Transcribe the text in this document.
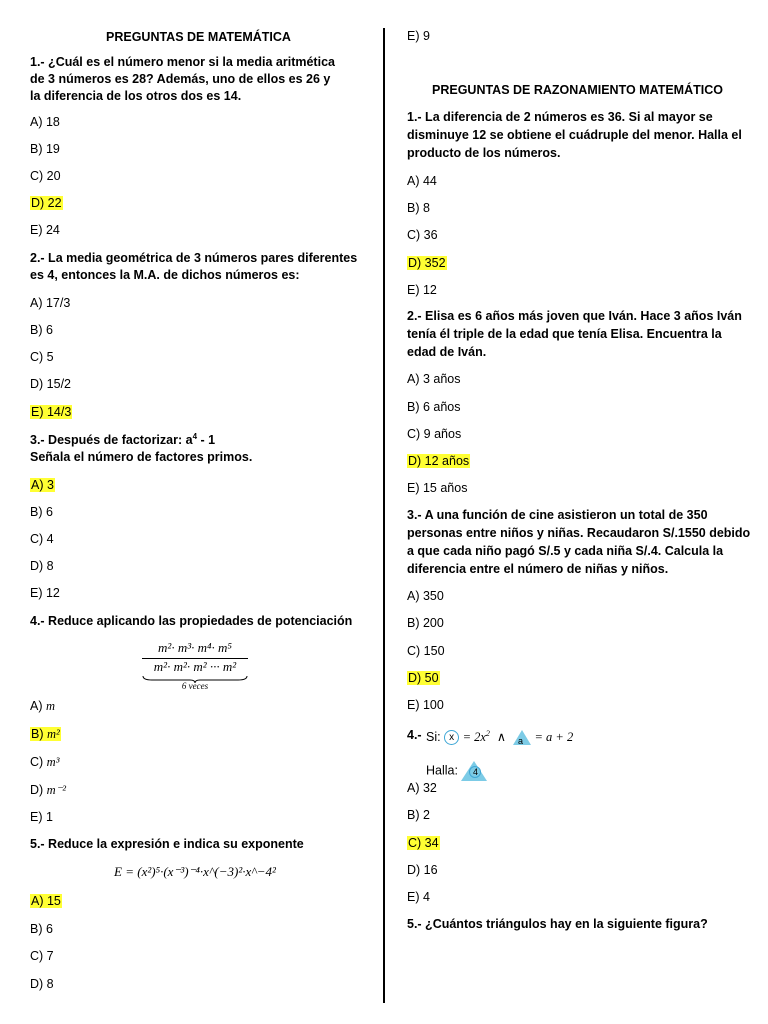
PREGUNTAS DE MATEMÁTICA
1.- ¿Cuál es el número menor si la media aritmética
de 3 números es 28? Además, uno de ellos es 26 y
la diferencia de los otros dos es 14.
A) 18
B) 19
C) 20
D) 22
E) 24
2.- La media geométrica de 3 números pares diferentes
es 4, entonces la M.A. de dichos números es:
A) 17/3
B) 6
C) 5
D) 15/2
E) 14/3
3.- Después de factorizar: $a^4 - 1$
Señala el número de factores primos.
A) 3
B) 6
C) 4
D) 8
E) 12
4.- Reduce aplicando las propiedades de potenciación
m²· m³· m⁴· m⁵
m²· m²· m² ··· m²
6 veces
A) m
B) m²
C) m³
D) m⁻²
E) 1
5.- Reduce la expresión e indica su exponente
E = (x²)⁵·(x⁻³)⁻⁴·x^(−3)²·x^−4²
A) 15
B) 6
C) 7
D) 8
E) 9
PREGUNTAS DE RAZONAMIENTO MATEMÁTICO
1.- La diferencia de 2 números es 36. Si al mayor se
disminuye 12 se obtiene el cuádruple del menor. Halla el
producto de los números.
A) 44
B) 8
C) 36
D) 352
E) 12
2.- Elisa es 6 años más joven que Iván. Hace 3 años Iván
tenía él triple de la edad que tenía Elisa. Encuentra la
edad de Iván.
A) 3 años
B) 6 años
C) 9 años
D) 12 años
E) 15 años
3.- A una función de cine asistieron un total de 350
personas entre niños y niñas. Recaudaron S/.1550 debido
a que cada niño pagó S/.5 y cada niña S/.4. Calcula la
diferencia entre el número de niñas y niños.
A) 350
B) 200
C) 150
D) 50
E) 100
4.- Si: $x = 2x^2$ ∧ a = a + 2
Halla:	4
A) 32
B) 2
C) 34
D) 16
E) 4
5.- ¿Cuántos triángulos hay en la siguiente figura?
